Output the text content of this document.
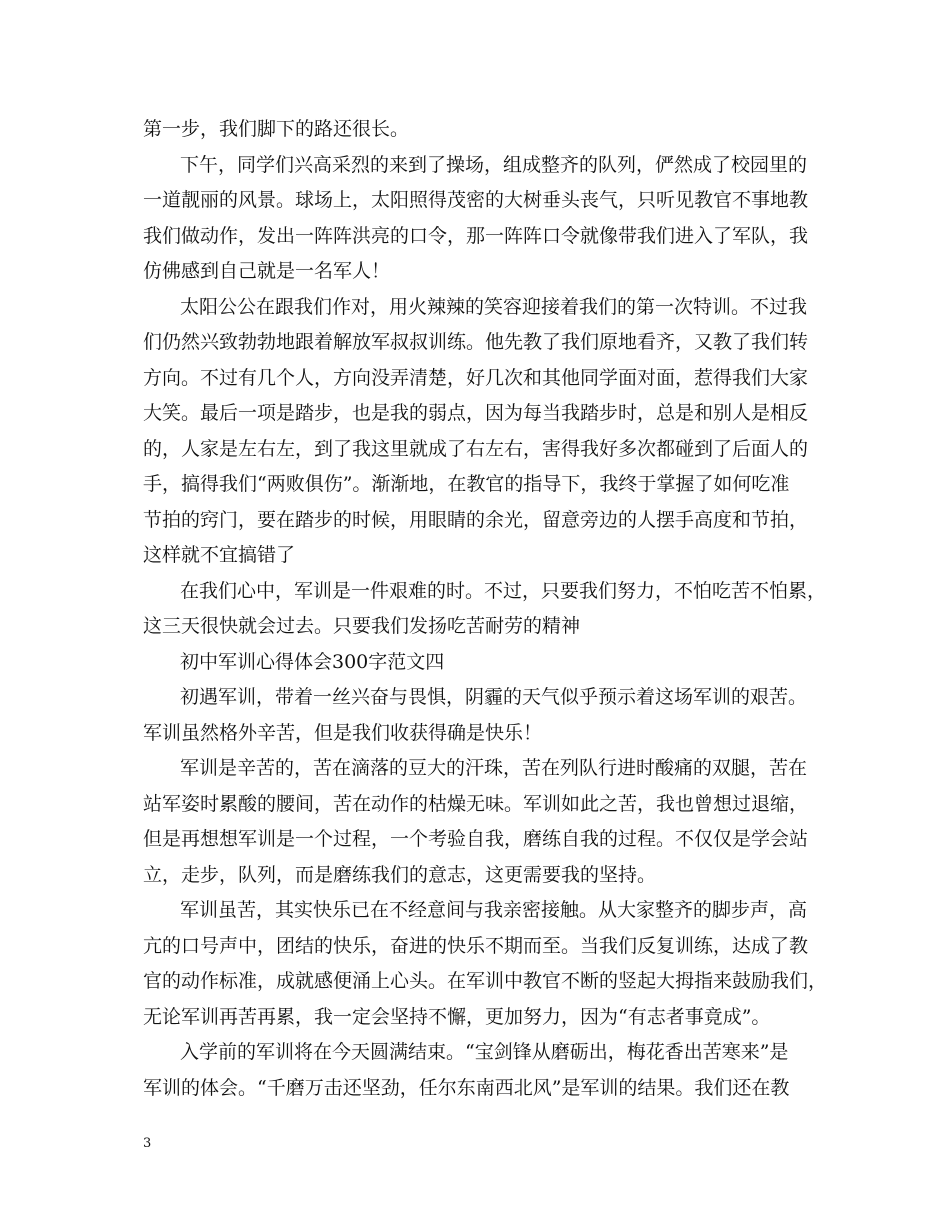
第一步，我们脚下的路还很长。
下午，同学们兴高采烈的来到了操场，组成整齐的队列，俨然成了校园里的
一道靓丽的风景。球场上，太阳照得茂密的大树垂头丧气，只听见教官不事地教
我们做动作，发出一阵阵洪亮的口令，那一阵阵口令就像带我们进入了军队，我
仿佛感到自己就是一名军人！
太阳公公在跟我们作对，用火辣辣的笑容迎接着我们的第一次特训。不过我
们仍然兴致勃勃地跟着解放军叔叔训练。他先教了我们原地看齐，又教了我们转
方向。不过有几个人，方向没弄清楚，好几次和其他同学面对面，惹得我们大家
大笑。最后一项是踏步，也是我的弱点，因为每当我踏步时，总是和别人是相反
的，人家是左右左，到了我这里就成了右左右，害得我好多次都碰到了后面人的
手，搞得我们“两败俱伤”。渐渐地，在教官的指导下，我终于掌握了如何吃准
节拍的窍门，要在踏步的时候，用眼睛的余光，留意旁边的人摆手高度和节拍，
这样就不宜搞错了
在我们心中，军训是一件艰难的时。不过，只要我们努力，不怕吃苦不怕累，
这三天很快就会过去。只要我们发扬吃苦耐劳的精神
初中军训心得体会300字范文四
初遇军训，带着一丝兴奋与畏惧，阴霾的天气似乎预示着这场军训的艰苦。
军训虽然格外辛苦，但是我们收获得确是快乐！
军训是辛苦的，苦在滴落的豆大的汗珠，苦在列队行进时酸痛的双腿，苦在
站军姿时累酸的腰间，苦在动作的枯燥无味。军训如此之苦，我也曾想过退缩，
但是再想想军训是一个过程，一个考验自我，磨练自我的过程。不仅仅是学会站
立，走步，队列，而是磨练我们的意志，这更需要我的坚持。
军训虽苦，其实快乐已在不经意间与我亲密接触。从大家整齐的脚步声，高
亢的口号声中，团结的快乐，奋进的快乐不期而至。当我们反复训练，达成了教
官的动作标准，成就感便涌上心头。在军训中教官不断的竖起大拇指来鼓励我们，
无论军训再苦再累，我一定会坚持不懈，更加努力，因为“有志者事竟成”。
入学前的军训将在今天圆满结束。“宝剑锋从磨砺出，梅花香出苦寒来”是
军训的体会。“千磨万击还坚劲，任尔东南西北风”是军训的结果。我们还在教
3
